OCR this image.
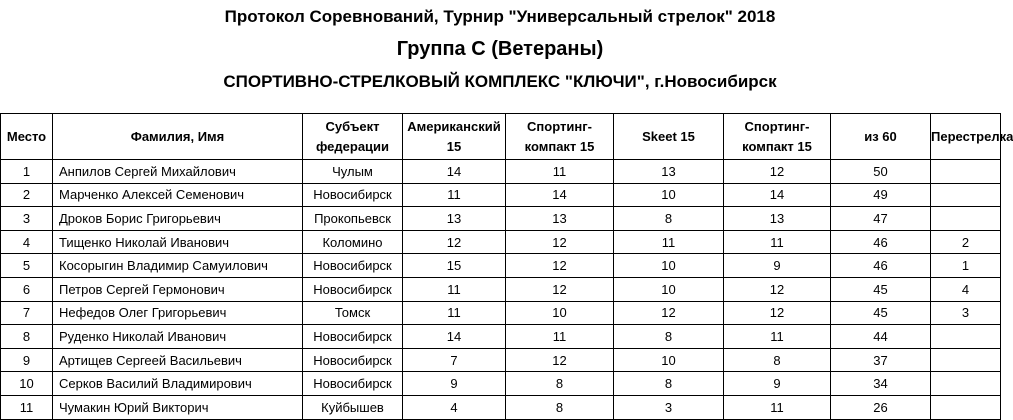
Протокол Соревнований, Турнир "Универсальный стрелок" 2018
Группа С (Ветераны)
СПОРТИВНО-СТРЕЛКОВЫЙ КОМПЛЕКС "КЛЮЧИ", г.Новосибирск
Место	Фамилия, Имя	Субъект федерации	Американский 15	Спортинг-компакт 15	Skeet 15	Спортинг-компакт 15	из 60	Перестрелка
1	Анпилов Сергей Михайлович	Чулым	14	11	13	12	50	
2	Марченко Алексей Семенович	Новосибирск	11	14	10	14	49	
3	Дроков Борис Григорьевич	Прокопьевск	13	13	8	13	47	
4	Тищенко Николай Иванович	Коломино	12	12	11	11	46	2
5	Косорыгин Владимир Самуилович	Новосибирск	15	12	10	9	46	1
6	Петров Сергей Гермонович	Новосибирск	11	12	10	12	45	4
7	Нефедов Олег Григорьевич	Томск	11	10	12	12	45	3
8	Руденко Николай Иванович	Новосибирск	14	11	8	11	44	
9	Артищев Сергеей Васильевич	Новосибирск	7	12	10	8	37	
10	Серков Василий Владимирович	Новосибирск	9	8	8	9	34	
11	Чумакин Юрий Викторич	Куйбышев	4	8	3	11	26	
